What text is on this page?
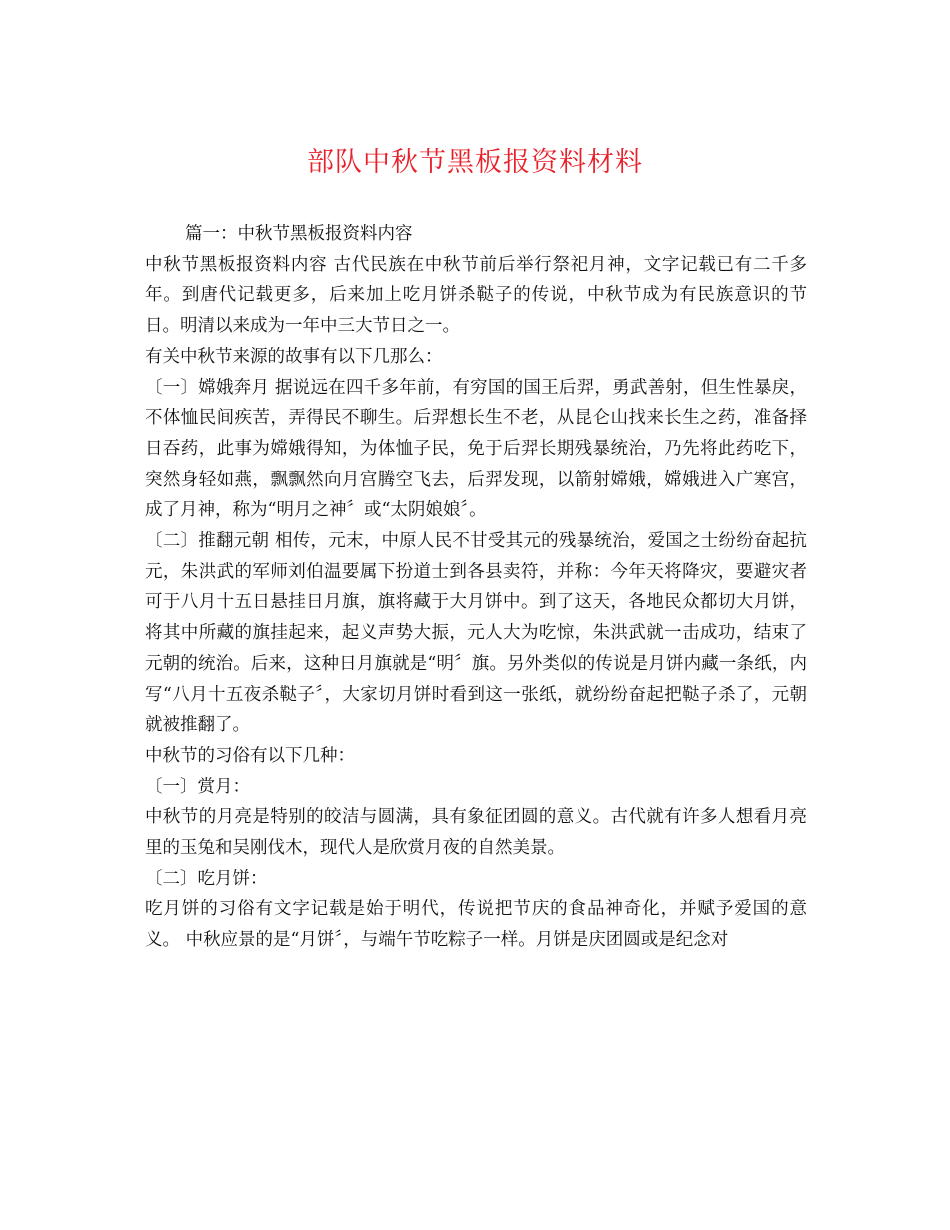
部队中秋节黑板报资料材料

篇一：中秋节黑板报资料内容

中秋节黑板报资料内容 古代民族在中秋节前后举行祭祀月神，文字记载已有二千多年。到唐代记载更多，后来加上吃月饼杀鞑子的传说，中秋节成为有民族意识的节日。明清以来成为一年中三大节日之一。

有关中秋节来源的故事有以下几那么：

〔一〕嫦娥奔月 据说远在四千多年前，有穷国的国王后羿，勇武善射，但生性暴戾，不体恤民间疾苦，弄得民不聊生。后羿想长生不老，从昆仑山找来长生之药，准备择日吞药，此事为嫦娥得知，为体恤子民，免于后羿长期残暴统治，乃先将此药吃下，突然身轻如燕，飘飘然向月宫腾空飞去，后羿发现，以箭射嫦娥，嫦娥进入广寒宫，成了月神，称为“明月之神〞或“太阴娘娘〞。

〔二〕推翻元朝 相传，元末，中原人民不甘受其元的残暴统治，爱国之士纷纷奋起抗元，朱洪武的军师刘伯温要属下扮道士到各县卖符，并称：今年天将降灾，要避灾者可于八月十五日悬挂日月旗，旗将藏于大月饼中。到了这天，各地民众都切大月饼，将其中所藏的旗挂起来，起义声势大振，元人大为吃惊，朱洪武就一击成功，结束了元朝的统治。后来，这种日月旗就是“明〞旗。另外类似的传说是月饼内藏一条纸，内写“八月十五夜杀鞑子〞，大家切月饼时看到这一张纸，就纷纷奋起把鞑子杀了，元朝就被推翻了。

中秋节的习俗有以下几种：

〔一〕赏月：

中秋节的月亮是特别的皎洁与圆满，具有象征团圆的意义。古代就有许多人想看月亮里的玉兔和吴刚伐木，现代人是欣赏月夜的自然美景。

〔二〕吃月饼：

吃月饼的习俗有文字记载是始于明代，传说把节庆的食品神奇化，并赋予爱国的意义。 中秋应景的是“月饼〞，与端午节吃粽子一样。月饼是庆团圆或是纪念对
